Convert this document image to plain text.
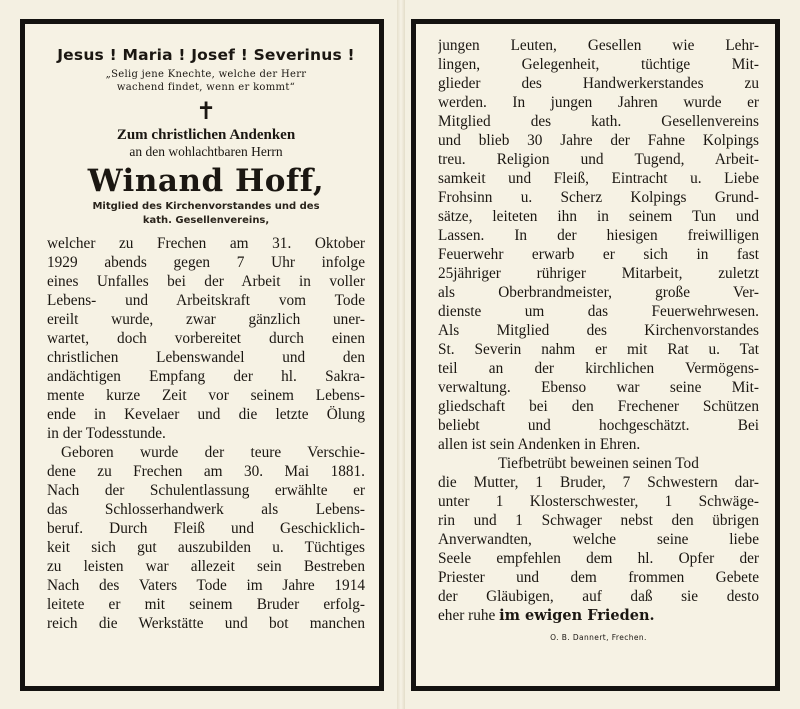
Jesus ! Maria ! Josef ! Severinus !
„Selig jene Knechte, welche der Herr
wachend findet, wenn er kommt“
✝
Zum christlichen Andenken
an den wohlachtbaren Herrn
Winand Hoff,
Mitglied des Kirchenvorstandes und des
kath. Gesellenvereins,
welcher zu Frechen am 31. Oktober
1929 abends gegen 7 Uhr infolge
eines Unfalles bei der Arbeit in voller
Lebens- und Arbeitskraft vom Tode
ereilt wurde, zwar gänzlich uner-
wartet, doch vorbereitet durch einen
christlichen Lebenswandel und den
andächtigen Empfang der hl. Sakra-
mente kurze Zeit vor seinem Lebens-
ende in Kevelaer und die letzte Ölung
in der Todesstunde.
Geboren wurde der teure Verschie-
dene zu Frechen am 30. Mai 1881.
Nach der Schulentlassung erwählte er
das Schlosserhandwerk als Lebens-
beruf. Durch Fleiß und Geschicklich-
keit sich gut auszubilden u. Tüchtiges
zu leisten war allezeit sein Bestreben
Nach des Vaters Tode im Jahre 1914
leitete er mit seinem Bruder erfolg-
reich die Werkstätte und bot manchen
jungen Leuten, Gesellen wie Lehr-
lingen, Gelegenheit, tüchtige Mit-
glieder des Handwerkerstandes zu
werden. In jungen Jahren wurde er
Mitglied des kath. Gesellenvereins
und blieb 30 Jahre der Fahne Kolpings
treu. Religion und Tugend, Arbeit-
samkeit und Fleiß, Eintracht u. Liebe
Frohsinn u. Scherz Kolpings Grund-
sätze, leiteten ihn in seinem Tun und
Lassen. In der hiesigen freiwilligen
Feuerwehr erwarb er sich in fast
25jähriger rühriger Mitarbeit, zuletzt
als Oberbrandmeister, große Ver-
dienste um das Feuerwehrwesen.
Als Mitglied des Kirchenvorstandes
St. Severin nahm er mit Rat u. Tat
teil an der kirchlichen Vermögens-
verwaltung. Ebenso war seine Mit-
gliedschaft bei den Frechener Schützen
beliebt und hochgeschätzt. Bei
allen ist sein Andenken in Ehren.
Tiefbetrübt beweinen seinen Tod
die Mutter, 1 Bruder, 7 Schwestern dar-
unter 1 Klosterschwester, 1 Schwäge-
rin und 1 Schwager nebst den übrigen
Anverwandten, welche seine liebe
Seele empfehlen dem hl. Opfer der
Priester und dem frommen Gebete
der Gläubigen, auf daß sie desto
eher ruhe im ewigen Frieden.
O. B. Dannert, Frechen.
